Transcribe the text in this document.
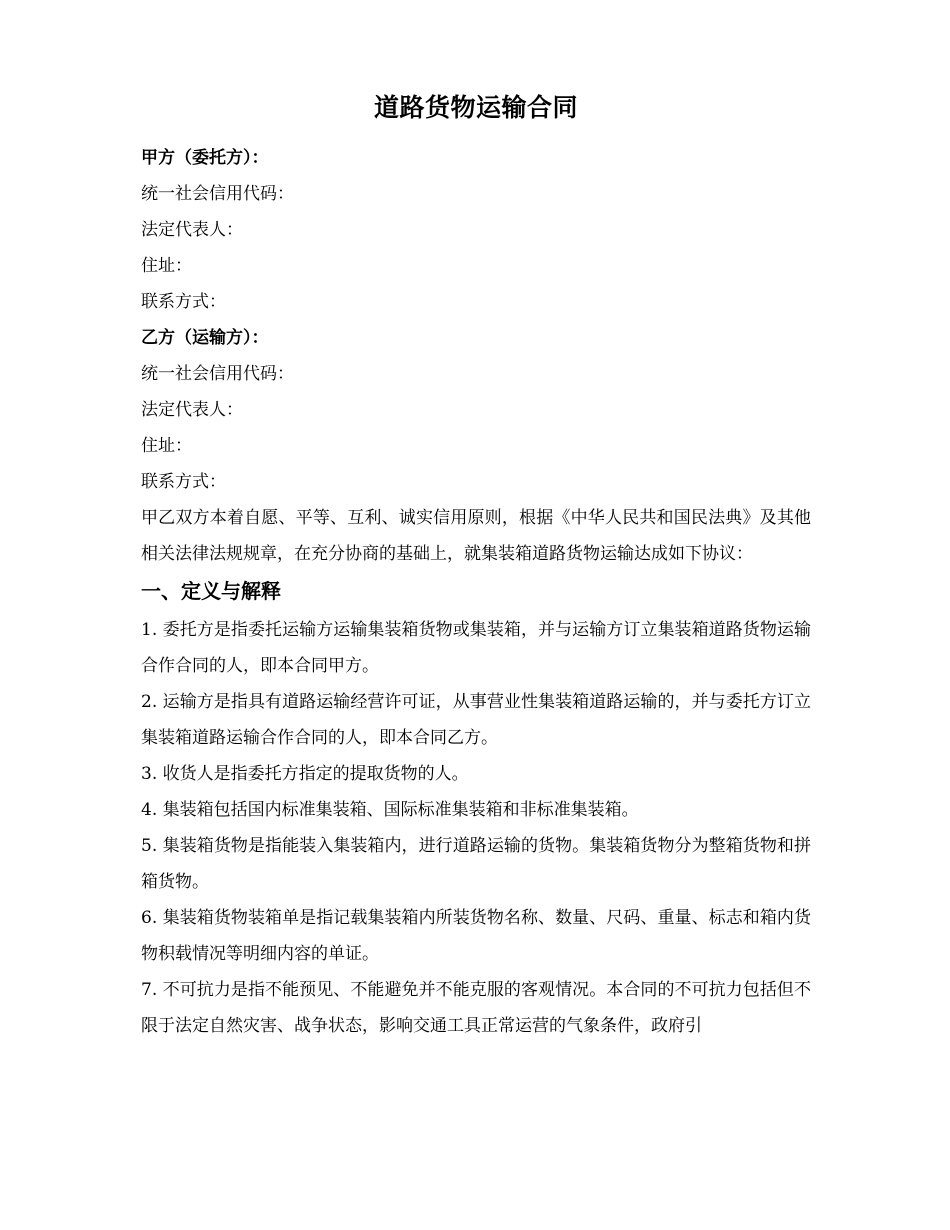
道路货物运输合同
甲方（委托方）：
统一社会信用代码：
法定代表人：
住址：
联系方式：
乙方（运输方）：
统一社会信用代码：
法定代表人：
住址：
联系方式：
甲乙双方本着自愿、平等、互利、诚实信用原则，根据《中华人民共和国民法典》及其他相关法律法规规章，在充分协商的基础上，就集装箱道路货物运输达成如下协议：
一、定义与解释
1. 委托方是指委托运输方运输集装箱货物或集装箱，并与运输方订立集装箱道路货物运输合作合同的人，即本合同甲方。
2. 运输方是指具有道路运输经营许可证，从事营业性集装箱道路运输的，并与委托方订立集装箱道路运输合作合同的人，即本合同乙方。
3. 收货人是指委托方指定的提取货物的人。
4. 集装箱包括国内标准集装箱、国际标准集装箱和非标准集装箱。
5. 集装箱货物是指能装入集装箱内，进行道路运输的货物。集装箱货物分为整箱货物和拼箱货物。
6. 集装箱货物装箱单是指记载集装箱内所装货物名称、数量、尺码、重量、标志和箱内货物积载情况等明细内容的单证。
7. 不可抗力是指不能预见、不能避免并不能克服的客观情况。本合同的不可抗力包括但不限于法定自然灾害、战争状态，影响交通工具正常运营的气象条件，政府引
